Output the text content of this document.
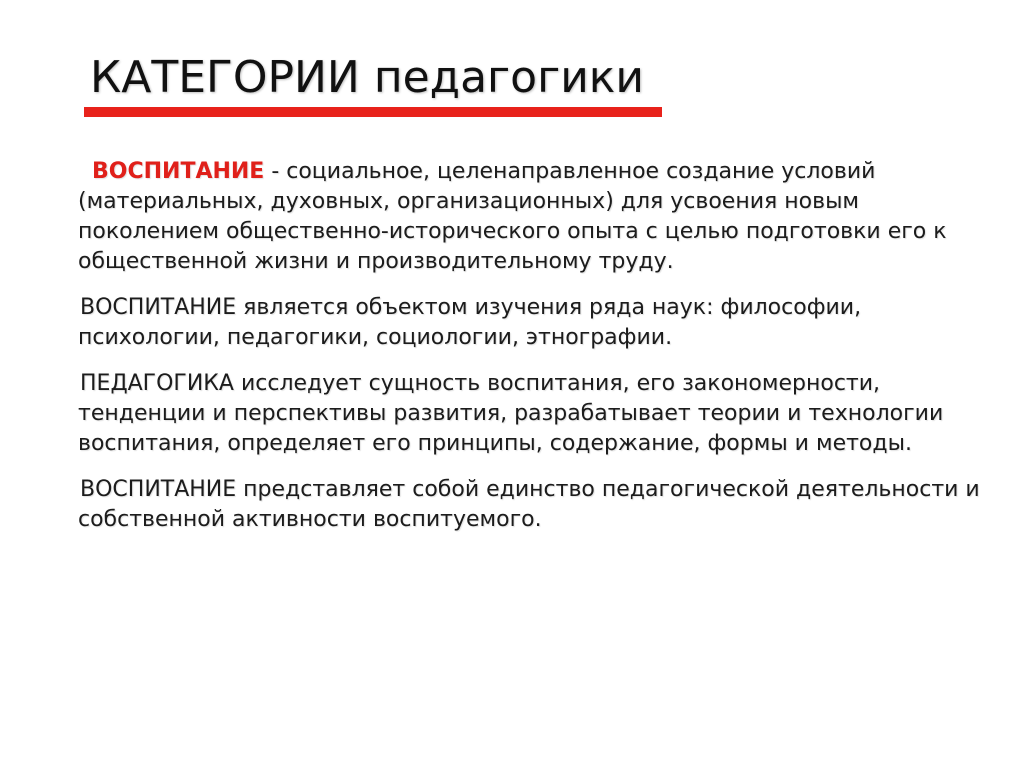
КАТЕГОРИИ педагогики

ВОСПИТАНИЕ - социальное, целенаправленное создание условий (материальных, духовных, организационных) для усвоения новым поколением общественно-исторического опыта с целью подготовки его к общественной жизни и производительному труду.

ВОСПИТАНИЕ является объектом изучения ряда наук: философии, психологии, педагогики, социологии, этнографии.

ПЕДАГОГИКА исследует сущность воспитания, его закономерности, тенденции и перспективы развития, разрабатывает теории и технологии воспитания, определяет его принципы, содержание, формы и методы.

ВОСПИТАНИЕ представляет собой единство педагогической деятельности и собственной активности воспитуемого.
